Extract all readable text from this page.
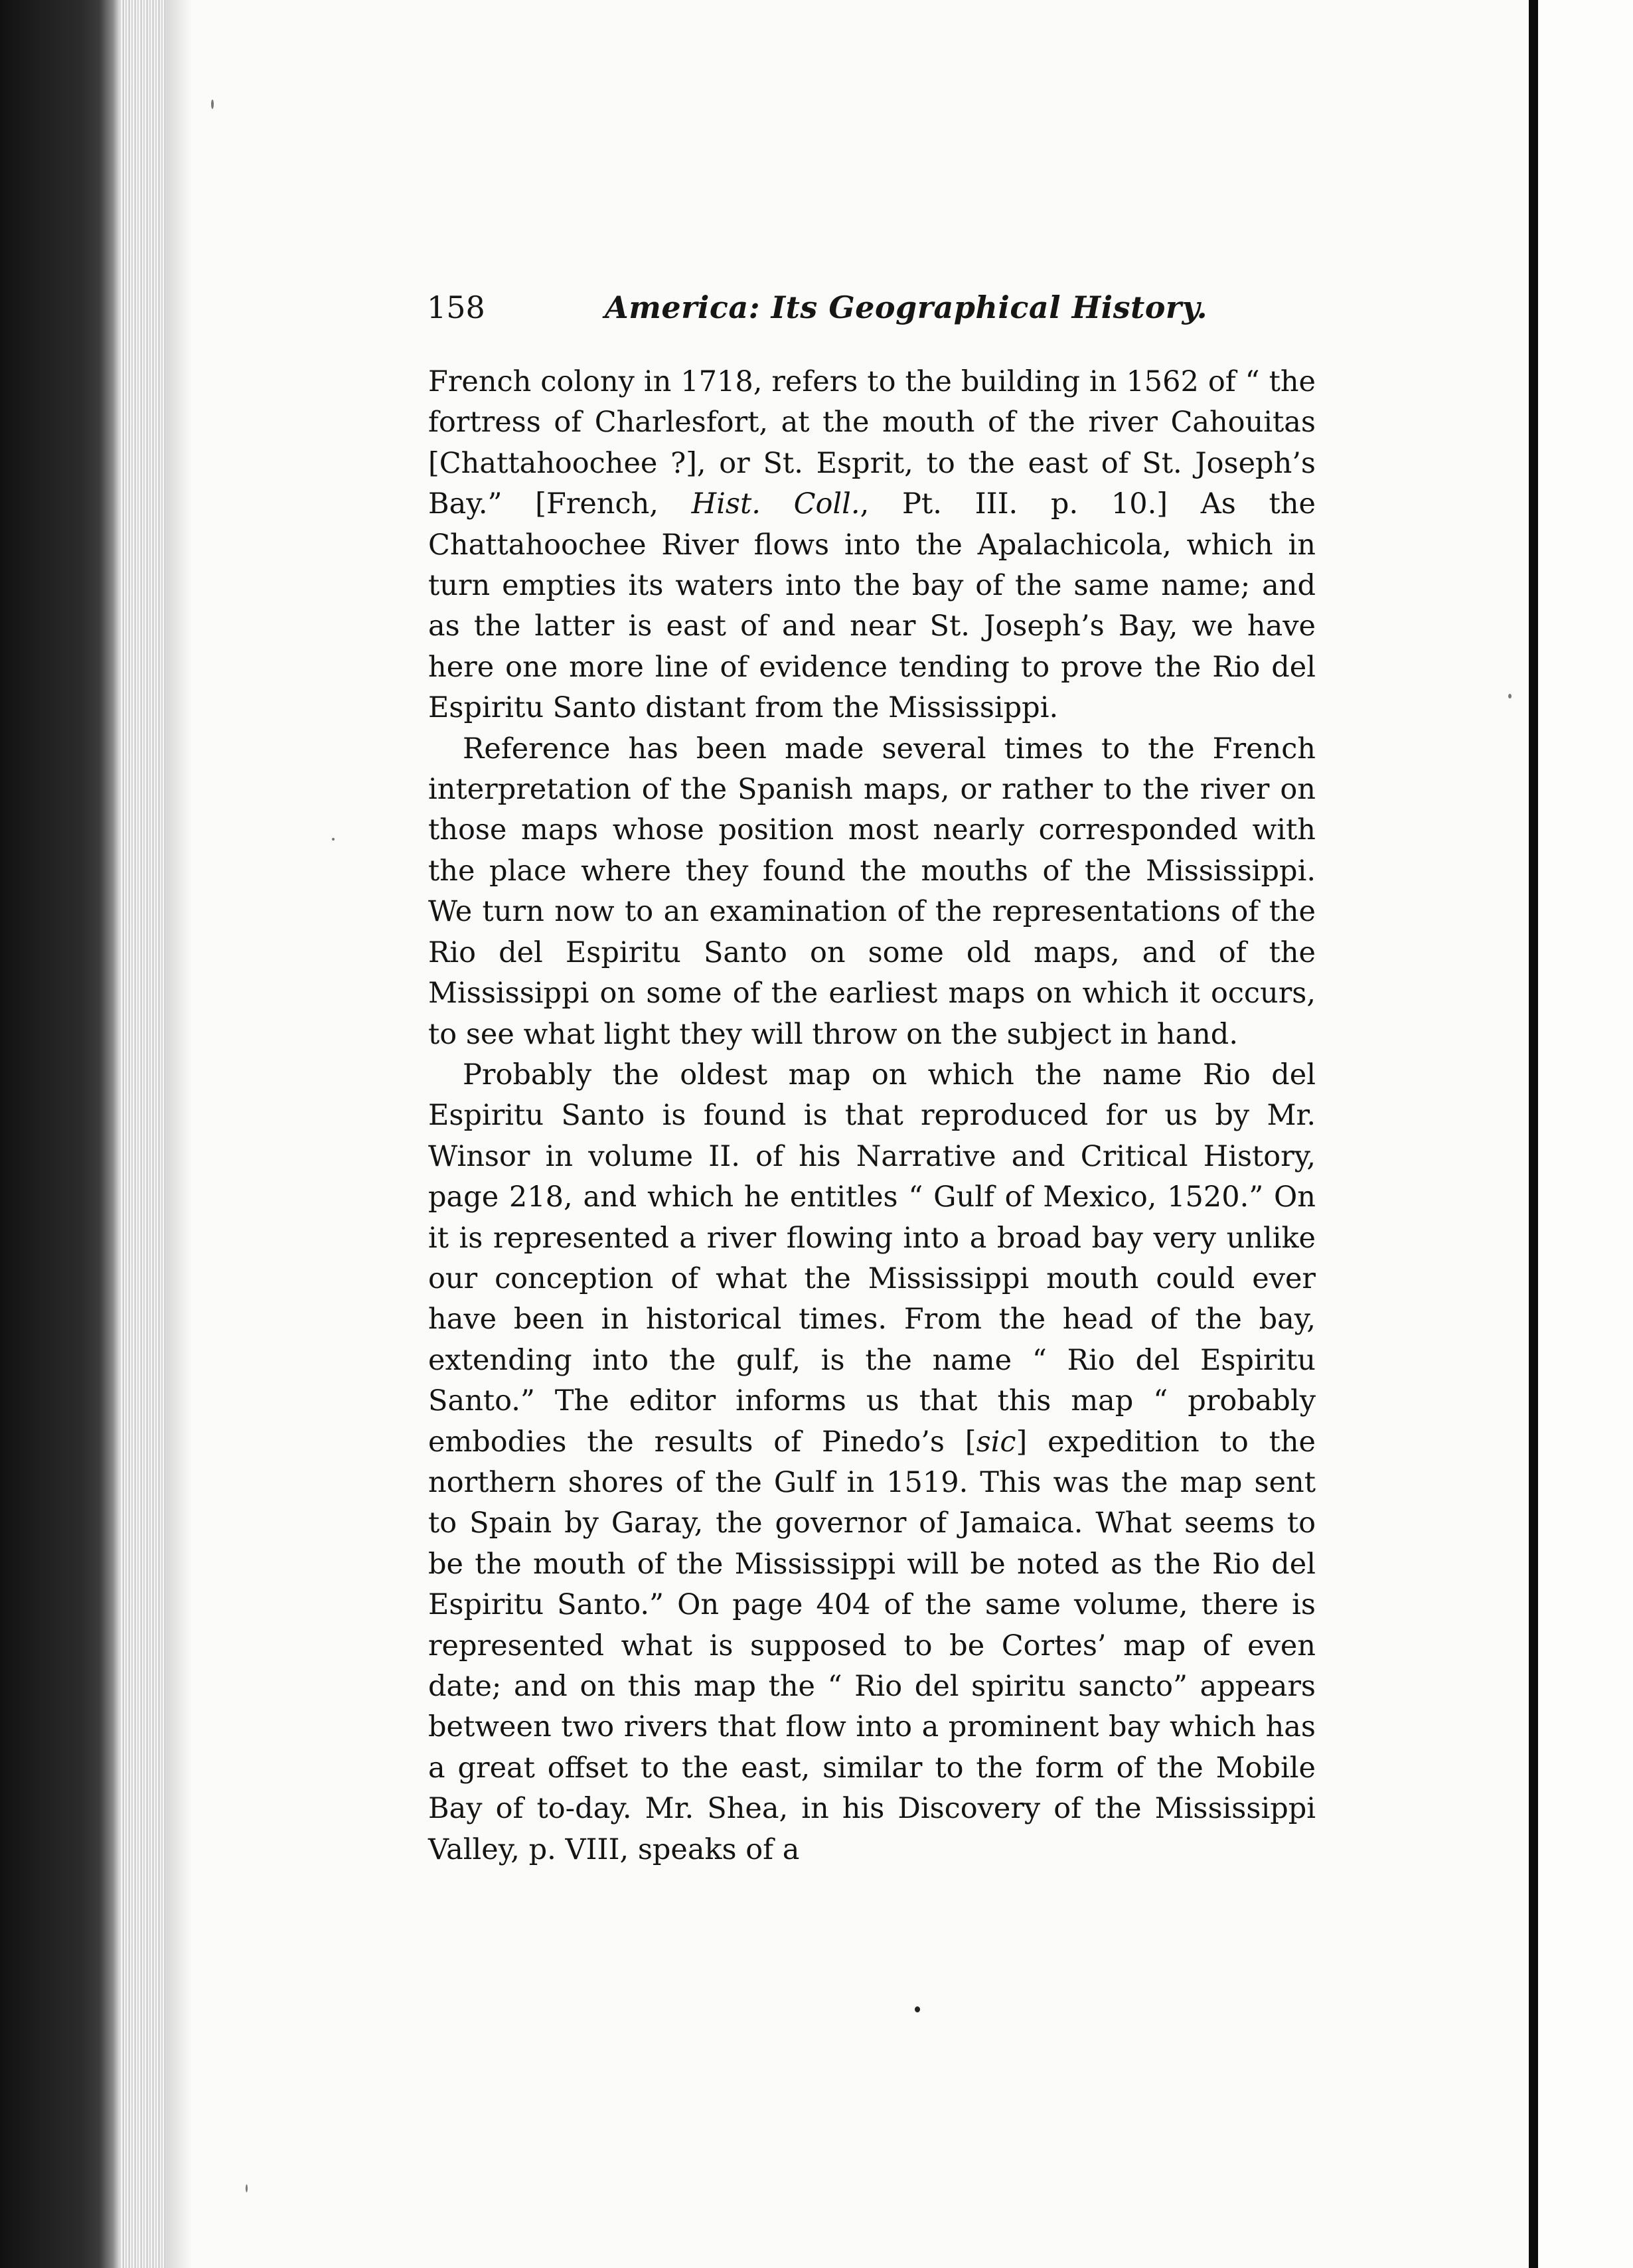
158	America: Its Geographical History.

French colony in 1718, refers to the building in 1562 of “ the fortress of Charlesfort, at the mouth of the river Cahouitas [Chattahoochee ?], or St. Esprit, to the east of St. Joseph’s Bay.” [French, Hist. Coll., Pt. III. p. 10.] As the Chattahoochee River flows into the Apalachicola, which in turn empties its waters into the bay of the same name; and as the latter is east of and near St. Joseph’s Bay, we have here one more line of evidence tending to prove the Rio del Espiritu Santo distant from the Mississippi.

Reference has been made several times to the French interpretation of the Spanish maps, or rather to the river on those maps whose position most nearly corresponded with the place where they found the mouths of the Mississippi. We turn now to an examination of the representations of the Rio del Espiritu Santo on some old maps, and of the Mississippi on some of the earliest maps on which it occurs, to see what light they will throw on the subject in hand.

Probably the oldest map on which the name Rio del Espiritu Santo is found is that reproduced for us by Mr. Winsor in volume II. of his Narrative and Critical History, page 218, and which he entitles “ Gulf of Mexico, 1520.” On it is represented a river flowing into a broad bay very unlike our conception of what the Mississippi mouth could ever have been in historical times. From the head of the bay, extending into the gulf, is the name “ Rio del Espiritu Santo.” The editor informs us that this map “ probably embodies the results of Pinedo’s [sic] expedition to the northern shores of the Gulf in 1519. This was the map sent to Spain by Garay, the governor of Jamaica. What seems to be the mouth of the Mississippi will be noted as the Rio del Espiritu Santo.” On page 404 of the same volume, there is represented what is supposed to be Cortes’ map of even date; and on this map the “ Rio del spiritu sancto” appears between two rivers that flow into a prominent bay which has a great offset to the east, similar to the form of the Mobile Bay of to-day. Mr. Shea, in his Discovery of the Mississippi Valley, p. VIII, speaks of a
